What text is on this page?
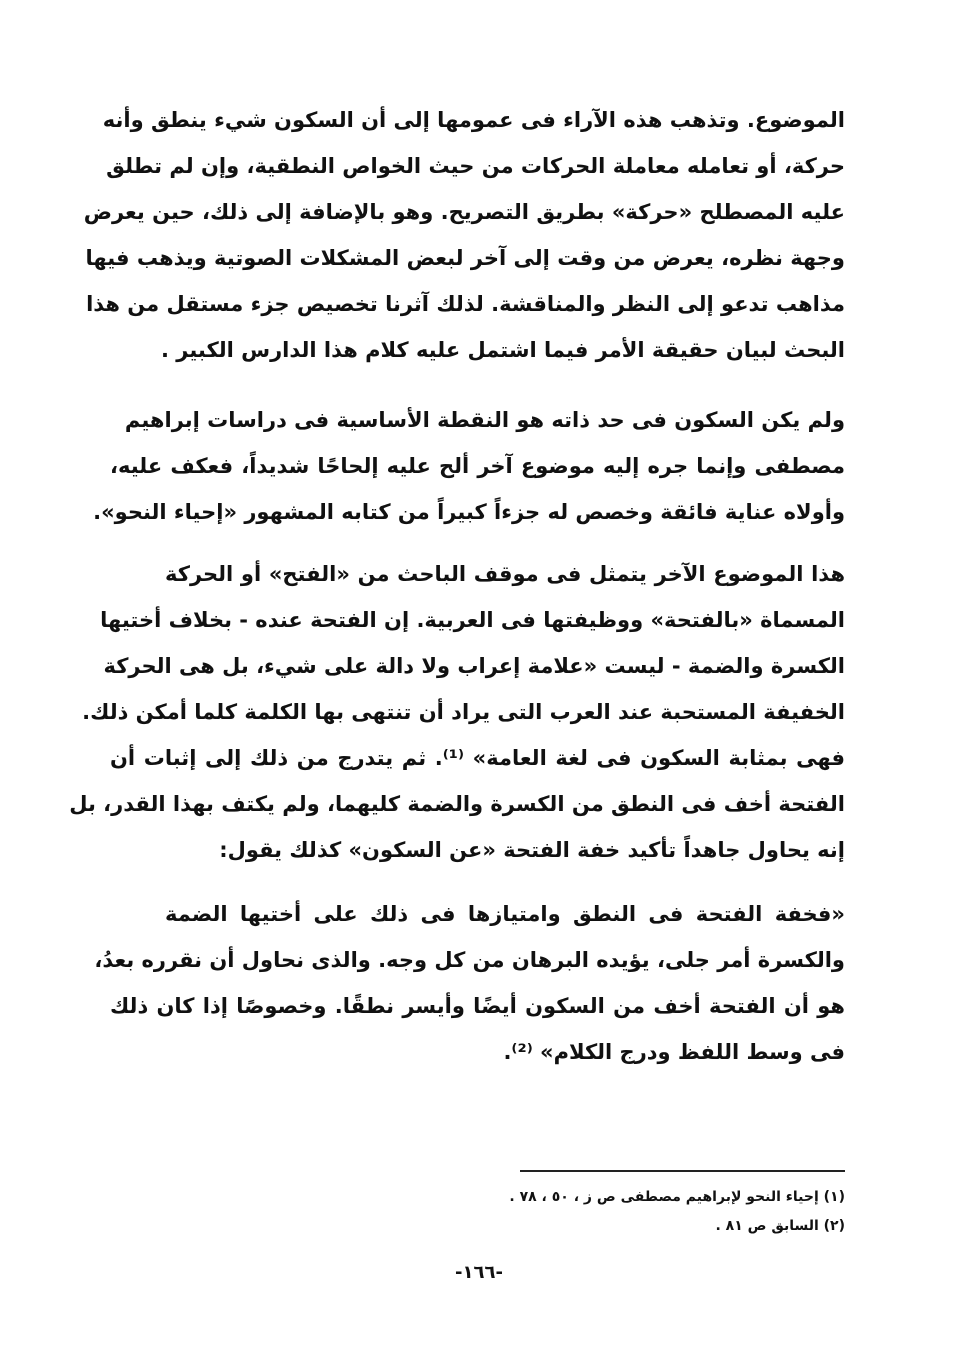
الموضوع. وتذهب هذه الآراء فى عمومها إلى أن السكون شيء ينطق وأنه
حركة، أو تعامله معاملة الحركات من حيث الخواص النطقية، وإن لم تطلق
عليه المصطلح «حركة» بطريق التصريح. وهو بالإضافة إلى ذلك، حين يعرض
وجهة نظره، يعرض من وقت إلى آخر لبعض المشكلات الصوتية ويذهب فيها
مذاهب تدعو إلى النظر والمناقشة. لذلك آثرنا تخصيص جزء مستقل من هذا
البحث لبيان حقيقة الأمر فيما اشتمل عليه كلام هذا الدارس الكبير .
ولم يكن السكون فى حد ذاته هو النقطة الأساسية فى دراسات إبراهيم
مصطفى وإنما جره إليه موضوع آخر ألح عليه إلحاحًا شديداً، فعكف عليه،
وأولاه عناية فائقة وخصص له جزءاً كبيراً من كتابه المشهور «إحياء النحو».
هذا الموضوع الآخر يتمثل فى موقف الباحث من «الفتح» أو الحركة
المسماة «بالفتحة» ووظيفتها فى العربية. إن الفتحة عنده - بخلاف أختيها
الكسرة والضمة - ليست «علامة إعراب ولا دالة على شيء، بل هى الحركة
الخفيفة المستحبة عند العرب التى يراد أن تنتهى بها الكلمة كلما أمكن ذلك.
فهى بمثابة السكون فى لغة العامة» ⁽¹⁾. ثم يتدرج من ذلك إلى إثبات أن
الفتحة أخف فى النطق من الكسرة والضمة كليهما، ولم يكتف بهذا القدر، بل
إنه يحاول جاهداً تأكيد خفة الفتحة «عن السكون» كذلك يقول:
«فخفة الفتحة فى النطق وامتيازها فى ذلك على أختيها الضمة
والكسرة أمر جلى، يؤيده البرهان من كل وجه. والذى نحاول أن نقرره بعدُ،
هو أن الفتحة أخف من السكون أيضًا وأيسر نطقًا. وخصوصًا إذا كان ذلك
فى وسط اللفظ ودرج الكلام» ⁽²⁾.
(١) إحياء النحو لإبراهيم مصطفى ص ز ، ٥٠ ، ٧٨ .
(٢) السابق ص ٨١ .
-١٦٦-
